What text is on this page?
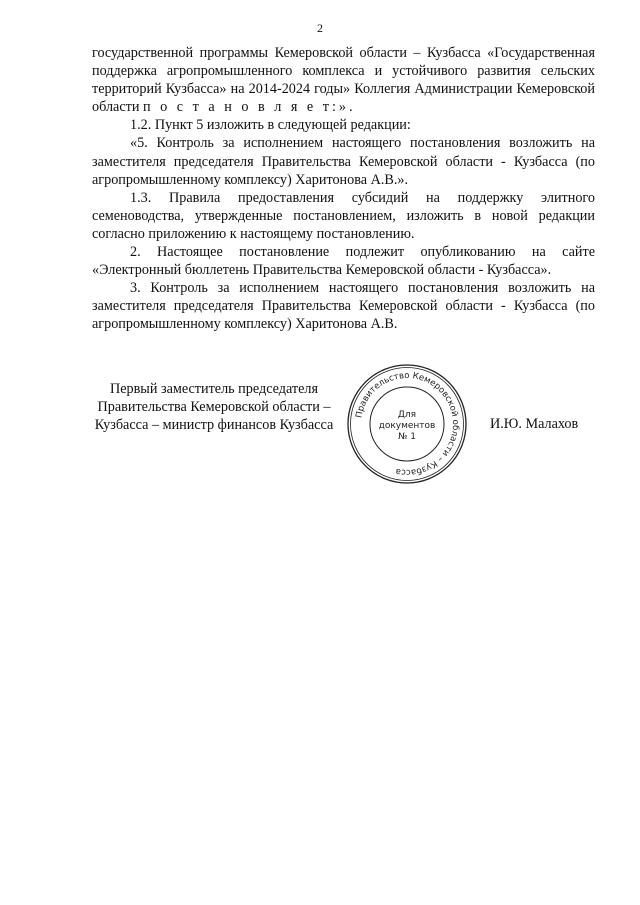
2

государственной программы Кемеровской области – Кузбасса «Государственная поддержка агропромышленного комплекса и устойчивого развития сельских территорий Кузбасса» на 2014-2024 годы» Коллегия Администрации Кемеровской области п о с т а н о в л я е т:».

1.2. Пункт 5 изложить в следующей редакции:

«5. Контроль за исполнением настоящего постановления возложить на заместителя председателя Правительства Кемеровской области - Кузбасса (по агропромышленному комплексу) Харитонова А.В.».

1.3. Правила предоставления субсидий на поддержку элитного семеноводства, утвержденные постановлением, изложить в новой редакции согласно приложению к настоящему постановлению.

2. Настоящее постановление подлежит опубликованию на сайте «Электронный бюллетень Правительства Кемеровской области - Кузбасса».

3. Контроль за исполнением настоящего постановления возложить на заместителя председателя Правительства Кемеровской области - Кузбасса (по агропромышленному комплексу) Харитонова А.В.

Первый заместитель председателя
Правительства Кемеровской области –
Кузбасса – министр финансов Кузбасса	И.Ю. Малахов
Правительство Кемеровской области – Кузбасса
Для
документов
№ 1
